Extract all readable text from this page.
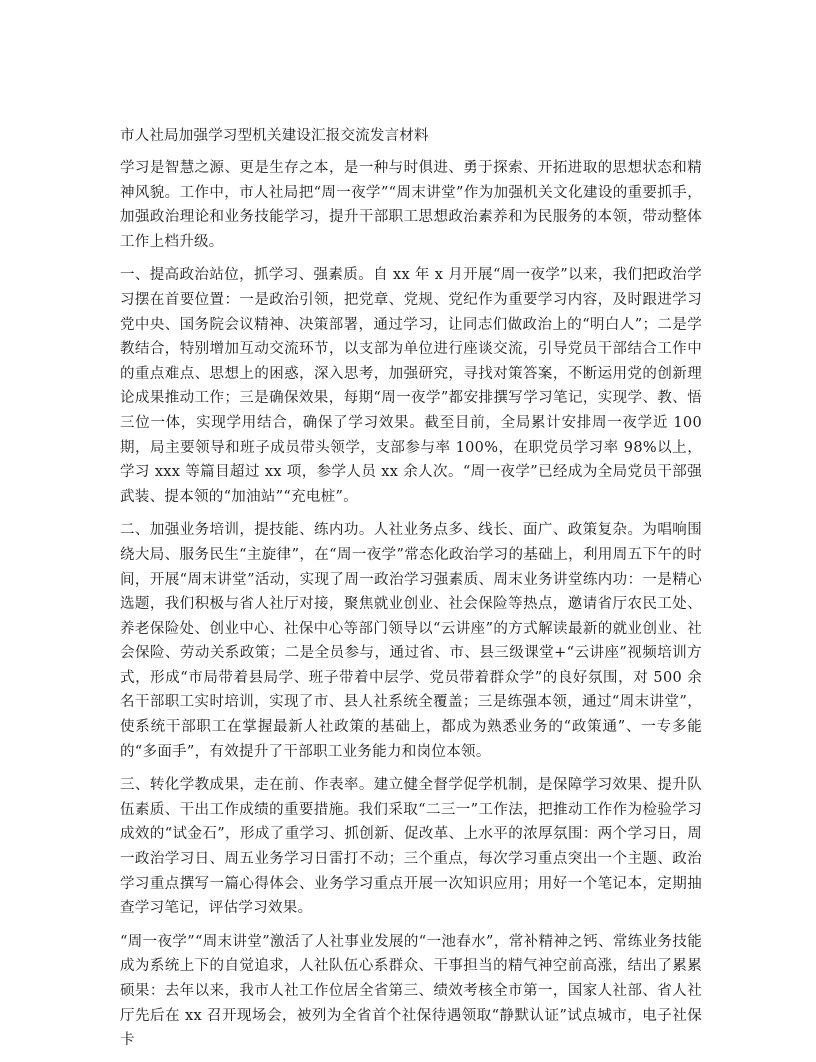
市人社局加强学习型机关建设汇报交流发言材料

学习是智慧之源、更是生存之本，是一种与时俱进、勇于探索、开拓进取的思想状态和精神风貌。工作中，市人社局把“周一夜学”“周末讲堂”作为加强机关文化建设的重要抓手，加强政治理论和业务技能学习，提升干部职工思想政治素养和为民服务的本领，带动整体工作上档升级。

一、提高政治站位，抓学习、强素质。自 xx 年 x 月开展“周一夜学”以来，我们把政治学习摆在首要位置：一是政治引领，把党章、党规、党纪作为重要学习内容，及时跟进学习党中央、国务院会议精神、决策部署，通过学习，让同志们做政治上的“明白人”；二是学教结合，特别增加互动交流环节，以支部为单位进行座谈交流，引导党员干部结合工作中的重点难点、思想上的困惑，深入思考，加强研究，寻找对策答案，不断运用党的创新理论成果推动工作；三是确保效果，每期“周一夜学”都安排撰写学习笔记，实现学、教、悟三位一体，实现学用结合，确保了学习效果。截至目前，全局累计安排周一夜学近 100 期，局主要领导和班子成员带头领学，支部参与率 100%，在职党员学习率 98%以上，学习 xxx 等篇目超过 xx 项，参学人员 xx 余人次。“周一夜学”已经成为全局党员干部强武装、提本领的“加油站”“充电桩”。

二、加强业务培训，提技能、练内功。人社业务点多、线长、面广、政策复杂。为唱响围绕大局、服务民生“主旋律”，在“周一夜学”常态化政治学习的基础上，利用周五下午的时间，开展“周末讲堂”活动，实现了周一政治学习强素质、周末业务讲堂练内功：一是精心选题，我们积极与省人社厅对接，聚焦就业创业、社会保险等热点，邀请省厅农民工处、养老保险处、创业中心、社保中心等部门领导以“云讲座”的方式解读最新的就业创业、社会保险、劳动关系政策；二是全员参与，通过省、市、县三级课堂+“云讲座”视频培训方式，形成“市局带着县局学、班子带着中层学、党员带着群众学”的良好氛围，对 500 余名干部职工实时培训，实现了市、县人社系统全覆盖；三是练强本领，通过“周末讲堂”，使系统干部职工在掌握最新人社政策的基础上，都成为熟悉业务的“政策通”、一专多能的“多面手”，有效提升了干部职工业务能力和岗位本领。

三、转化学教成果，走在前、作表率。建立健全督学促学机制，是保障学习效果、提升队伍素质、干出工作成绩的重要措施。我们采取“二三一”工作法，把推动工作作为检验学习成效的“试金石”，形成了重学习、抓创新、促改革、上水平的浓厚氛围：两个学习日，周一政治学习日、周五业务学习日雷打不动；三个重点，每次学习重点突出一个主题、政治学习重点撰写一篇心得体会、业务学习重点开展一次知识应用；用好一个笔记本，定期抽查学习笔记，评估学习效果。

“周一夜学”“周末讲堂”激活了人社事业发展的“一池春水”，常补精神之钙、常练业务技能成为系统上下的自觉追求，人社队伍心系群众、干事担当的精气神空前高涨，结出了累累硕果：去年以来，我市人社工作位居全省第三、绩效考核全市第一，国家人社部、省人社厅先后在 xx 召开现场会，被列为全省首个社保待遇领取“静默认证”试点城市，电子社保卡
